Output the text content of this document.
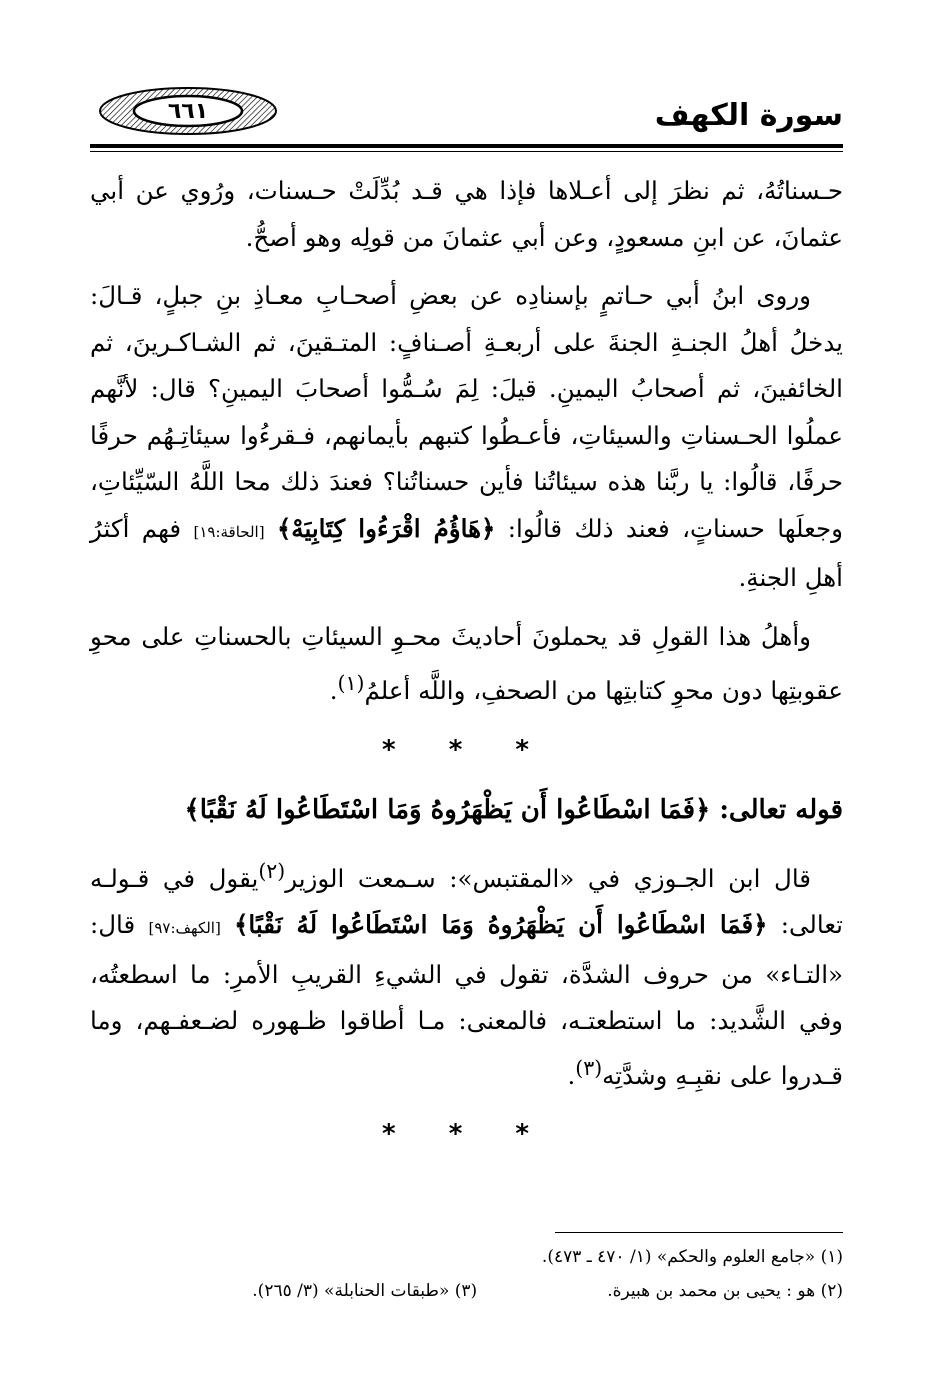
سورة الكهف
٦٦١

حـسناتُهُ، ثم نظرَ إلى أعـلاها فإذا هي قـد بُدِّلَتْ حـسنات، ورُوي عن أبي عثمانَ، عن ابنِ مسعودٍ، وعن أبي عثمانَ من قولِه وهو أصحُّ.

وروى ابنُ أبي حـاتمٍ بإسنادِه عن بعضِ أصحـابِ معـاذِ بنِ جبلٍ، قـالَ: يدخلُ أهلُ الجنـةِ الجنةَ على أربعـةِ أصـنافٍ: المتـقينَ، ثم الشـاكـرينَ، ثم الخائفينَ، ثم أصحابُ اليمينِ. قيلَ: لِمَ سُـمُّوا أصحابَ اليمينِ؟ قال: لأنَّهم عملُوا الحـسناتِ والسيئاتِ، فأعـطُوا كتبهم بأيمانهم، فـقرءُوا سيئاتِـهُم حرفًا حرفًا، قالُوا: يا ربَّنا هذه سيئاتُنا فأين حسناتُنا؟ فعندَ ذلك محا اللَّهُ السّيِّئاتِ، وجعلَها حسناتٍ، فعند ذلك قالُوا: ﴿هَاؤُمُ اقْرَءُوا كِتَابِيَهْ﴾ [الحاقة:١٩] فهم أكثرُ أهلِ الجنةِ.

وأهلُ هذا القولِ قد يحملونَ أحاديثَ محـوِ السيئاتِ بالحسناتِ على محوِ عقوبتِها دون محوِ كتابتِها من الصحفِ، واللَّه أعلمُ$^{(١)}$.

* * *
قوله تعالى: ﴿فَمَا اسْطَاعُوا أَن يَظْهَرُوهُ وَمَا اسْتَطَاعُوا لَهُ نَقْبًا﴾

قال ابن الجـوزي في «المقتبس»: سـمعت الوزير$^{(٢)}$يقول في قـولـه تعالى: ﴿فَمَا اسْطَاعُوا أَن يَظْهَرُوهُ وَمَا اسْتَطَاعُوا لَهُ نَقْبًا﴾ [الكهف:٩٧] قال: «التـاء» من حروف الشدَّة، تقول في الشيءِ القريبِ الأمرِ: ما اسطعتُه، وفي الشَّديد: ما استطعتـه، فالمعنى: مـا أطاقوا ظـهوره لضـعفـهم، وما قـدروا على نقبِـهِ وشدَّتِه$^{(٣)}$.

* * *
(١) «جامع العلوم والحكم» (١/ ٤٧٠ ـ ٤٧٣).
(٢) هو : يحيى بن محمد بن هبيرة.
(٣) «طبقات الحنابلة» (٣/ ٢٦٥).
